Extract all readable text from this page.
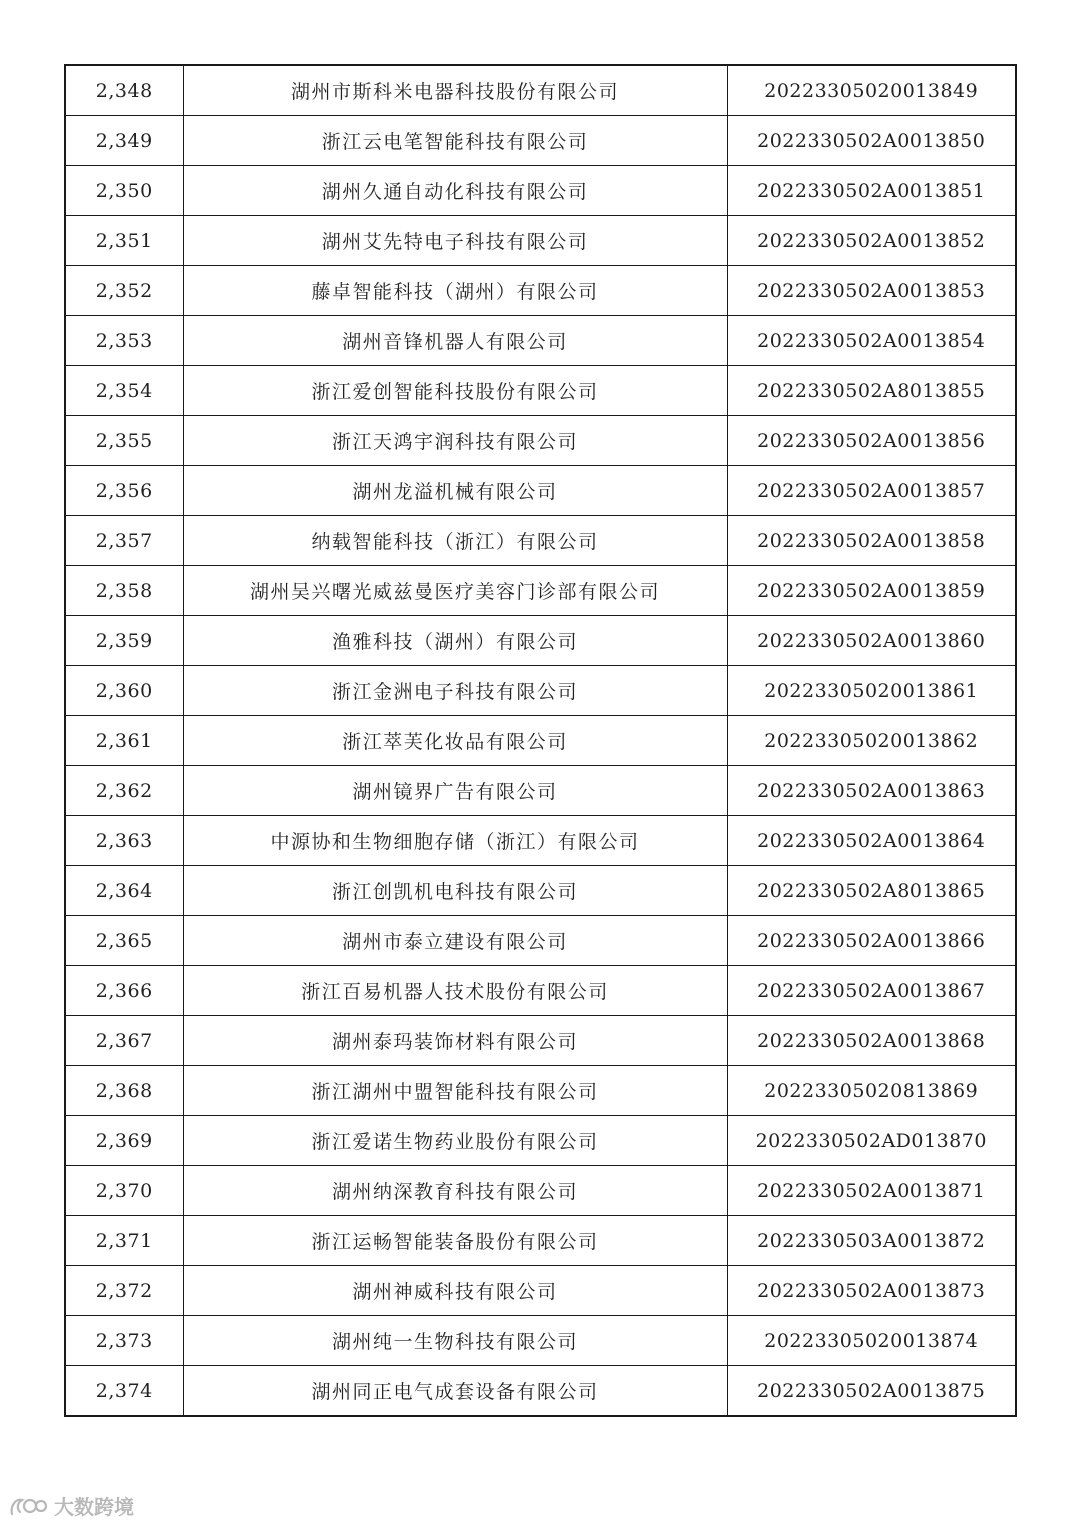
2,348	湖州市斯科米电器科技股份有限公司	20223305020013849
2,349	浙江云电笔智能科技有限公司	2022330502A0013850
2,350	湖州久通自动化科技有限公司	2022330502A0013851
2,351	湖州艾先特电子科技有限公司	2022330502A0013852
2,352	藤卓智能科技（湖州）有限公司	2022330502A0013853
2,353	湖州音锋机器人有限公司	2022330502A0013854
2,354	浙江爱创智能科技股份有限公司	2022330502A8013855
2,355	浙江天鸿宇润科技有限公司	2022330502A0013856
2,356	湖州龙溢机械有限公司	2022330502A0013857
2,357	纳载智能科技（浙江）有限公司	2022330502A0013858
2,358	湖州吴兴曙光威兹曼医疗美容门诊部有限公司	2022330502A0013859
2,359	渔雅科技（湖州）有限公司	2022330502A0013860
2,360	浙江金洲电子科技有限公司	20223305020013861
2,361	浙江萃芙化妆品有限公司	20223305020013862
2,362	湖州镜界广告有限公司	2022330502A0013863
2,363	中源协和生物细胞存储（浙江）有限公司	2022330502A0013864
2,364	浙江创凯机电科技有限公司	2022330502A8013865
2,365	湖州市泰立建设有限公司	2022330502A0013866
2,366	浙江百易机器人技术股份有限公司	2022330502A0013867
2,367	湖州泰玛装饰材料有限公司	2022330502A0013868
2,368	浙江湖州中盟智能科技有限公司	20223305020813869
2,369	浙江爱诺生物药业股份有限公司	2022330502AD013870
2,370	湖州纳深教育科技有限公司	2022330502A0013871
2,371	浙江运畅智能装备股份有限公司	2022330503A0013872
2,372	湖州神威科技有限公司	2022330502A0013873
2,373	湖州纯一生物科技有限公司	20223305020013874
2,374	湖州同正电气成套设备有限公司	2022330502A0013875
大数跨境
